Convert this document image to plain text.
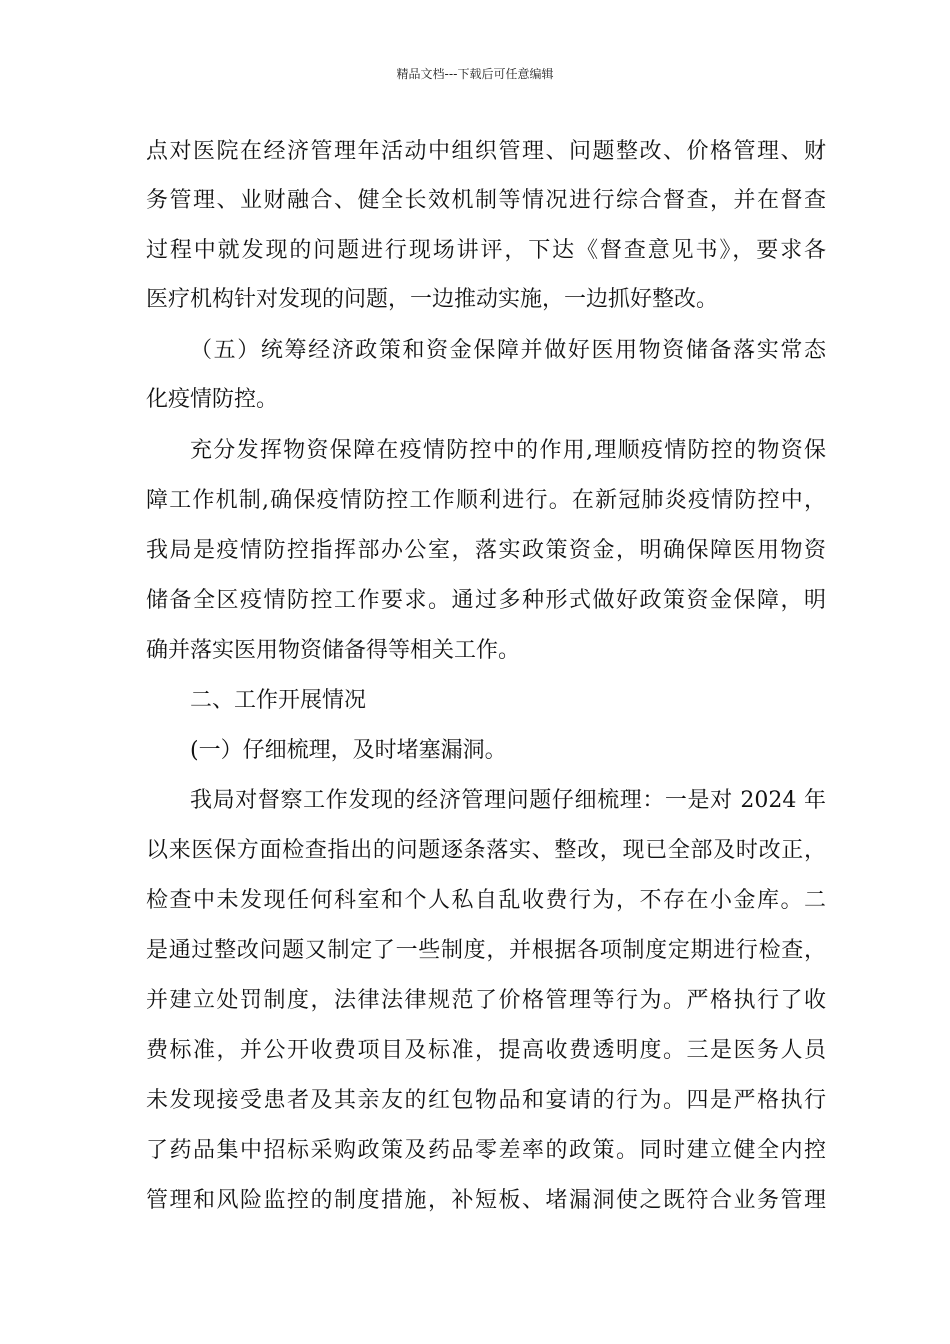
精品文档---下载后可任意编辑
点对医院在经济管理年活动中组织管理、问题整改、价格管理、财
务管理、业财融合、健全长效机制等情况进行综合督查，并在督查
过程中就发现的问题进行现场讲评，下达《督查意见书》，要求各
医疗机构针对发现的问题，一边推动实施，一边抓好整改。
（五）统筹经济政策和资金保障并做好医用物资储备落实常态
化疫情防控。
充分发挥物资保障在疫情防控中的作用,理顺疫情防控的物资保
障工作机制,确保疫情防控工作顺利进行。在新冠肺炎疫情防控中，
我局是疫情防控指挥部办公室，落实政策资金，明确保障医用物资
储备全区疫情防控工作要求。通过多种形式做好政策资金保障，明
确并落实医用物资储备得等相关工作。
二、工作开展情况
(一）仔细梳理，及时堵塞漏洞。
我局对督察工作发现的经济管理问题仔细梳理：一是对 2024 年
以来医保方面检查指出的问题逐条落实、整改，现已全部及时改正，
检查中未发现任何科室和个人私自乱收费行为，不存在小金库。二
是通过整改问题又制定了一些制度，并根据各项制度定期进行检查，
并建立处罚制度，法律法律规范了价格管理等行为。严格执行了收
费标准，并公开收费项目及标准，提高收费透明度。三是医务人员
未发现接受患者及其亲友的红包物品和宴请的行为。四是严格执行
了药品集中招标采购政策及药品零差率的政策。同时建立健全内控
管理和风险监控的制度措施，补短板、堵漏洞使之既符合业务管理
